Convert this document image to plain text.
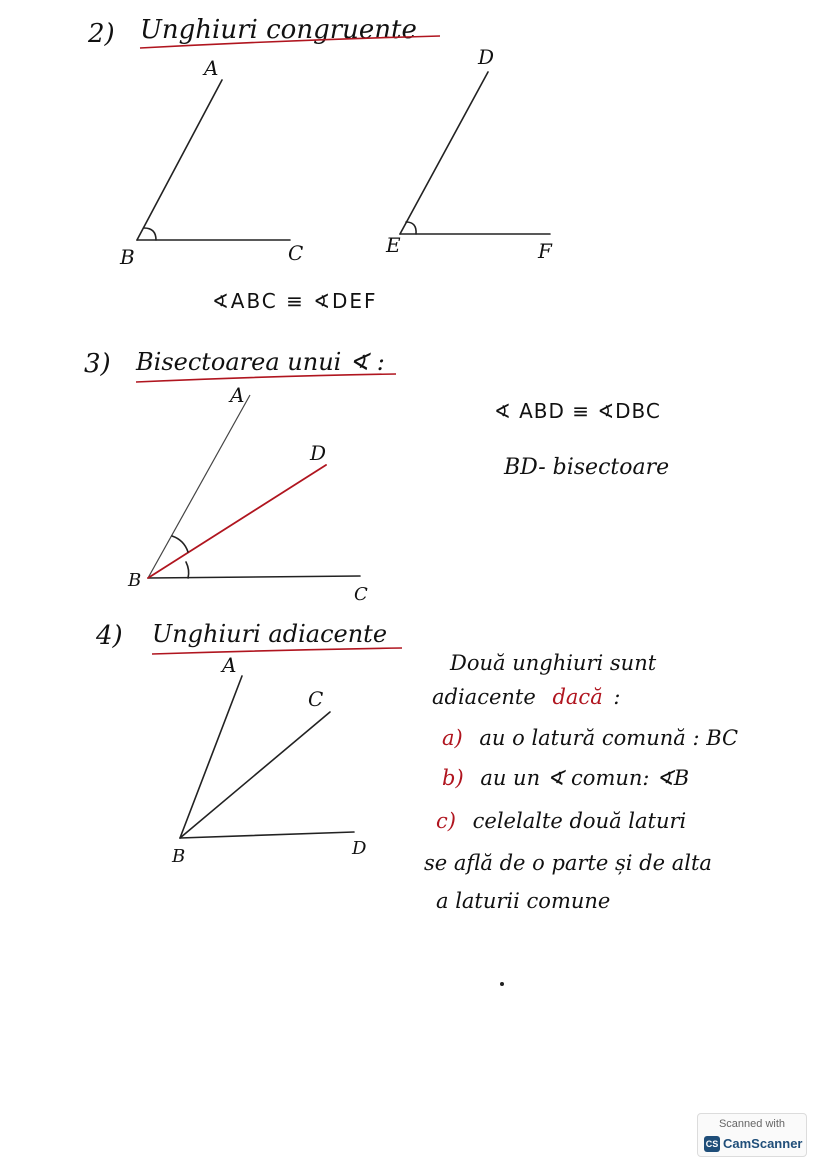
2) Unghiuri congruente
A
B	C
D
E	F
∢ABC ≡ ∢DEF
3) Bisectoarea unui ∢ :
A
D
B
C
∢ ABD ≡ ∢DBC
BD- bisectoare
4) Unghiuri adiacente
A
C
B	D
Două unghiuri sunt
adiacente dacă :
a) au o latură comună : BC
b) au un ∢ comun: ∢B
c) celelalte două laturi
se află de o parte și de alta
a laturii comune
Scanned with
CS CamScanner
